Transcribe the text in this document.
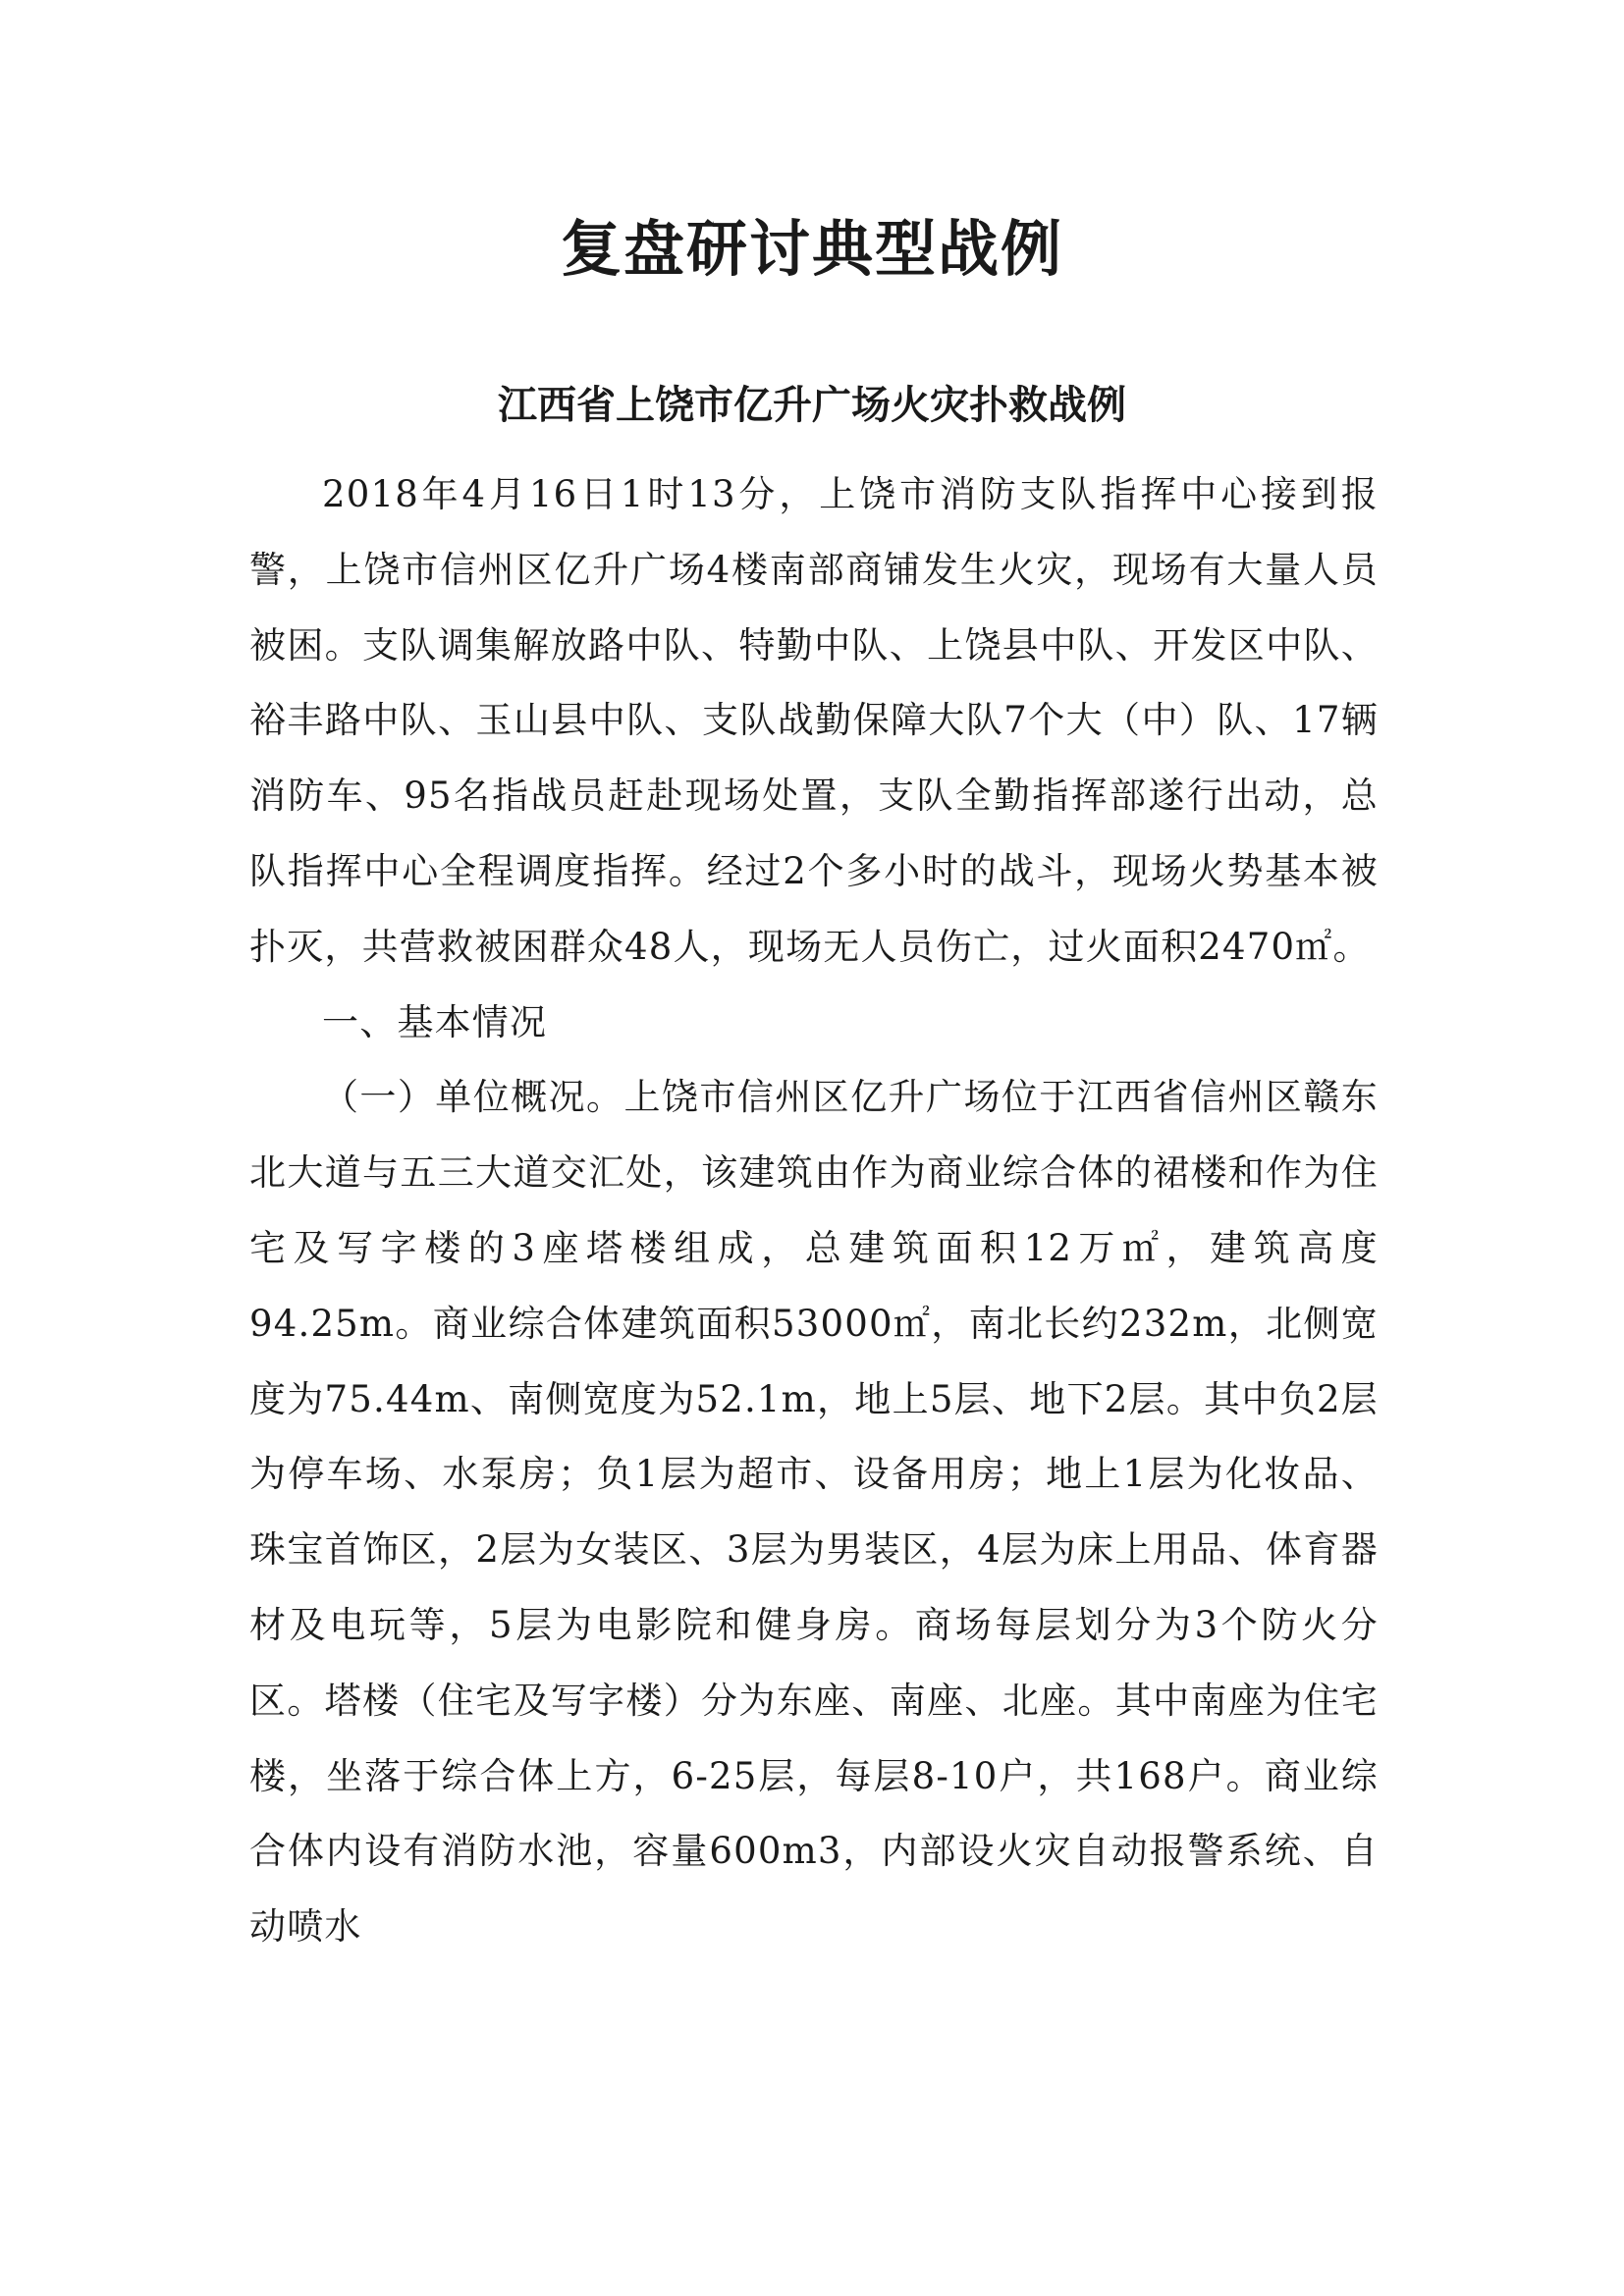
复盘研讨典型战例
江西省上饶市亿升广场火灾扑救战例

2018年4月16日1时13分，上饶市消防支队指挥中心接到报警，上饶市信州区亿升广场4楼南部商铺发生火灾，现场有大量人员被困。支队调集解放路中队、特勤中队、上饶县中队、开发区中队、裕丰路中队、玉山县中队、支队战勤保障大队7个大（中）队、17辆消防车、95名指战员赶赴现场处置，支队全勤指挥部遂行出动，总队指挥中心全程调度指挥。经过2个多小时的战斗，现场火势基本被扑灭，共营救被困群众48人，现场无人员伤亡，过火面积2470㎡。

一、基本情况

（一）单位概况。上饶市信州区亿升广场位于江西省信州区赣东北大道与五三大道交汇处，该建筑由作为商业综合体的裙楼和作为住宅及写字楼的3座塔楼组成，总建筑面积12万㎡，建筑高度94.25m。商业综合体建筑面积53000㎡，南北长约232m，北侧宽度为75.44m、南侧宽度为52.1m，地上5层、地下2层。其中负2层为停车场、水泵房；负1层为超市、设备用房；地上1层为化妆品、珠宝首饰区，2层为女装区、3层为男装区，4层为床上用品、体育器材及电玩等，5层为电影院和健身房。商场每层划分为3个防火分区。塔楼（住宅及写字楼）分为东座、南座、北座。其中南座为住宅楼，坐落于综合体上方，6-25层，每层8-10户，共168户。商业综合体内设有消防水池，容量600m3，内部设火灾自动报警系统、自动喷水
